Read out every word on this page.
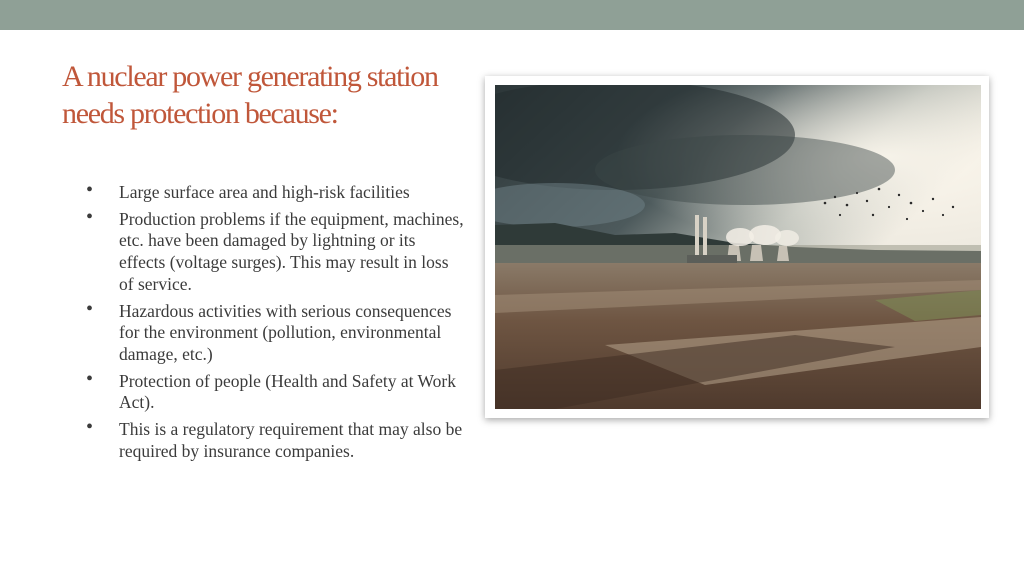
A nuclear power generating station needs protection because:
• Large surface area and high-risk facilities
• Production problems if the equipment, machines, etc. have been damaged by lightning or its effects (voltage surges). This may result in loss of service.
• Hazardous activities with serious consequences for the environment (pollution, environmental damage, etc.)
• Protection of people (Health and Safety at Work Act).
• This is a regulatory requirement that may also be required by insurance companies.
